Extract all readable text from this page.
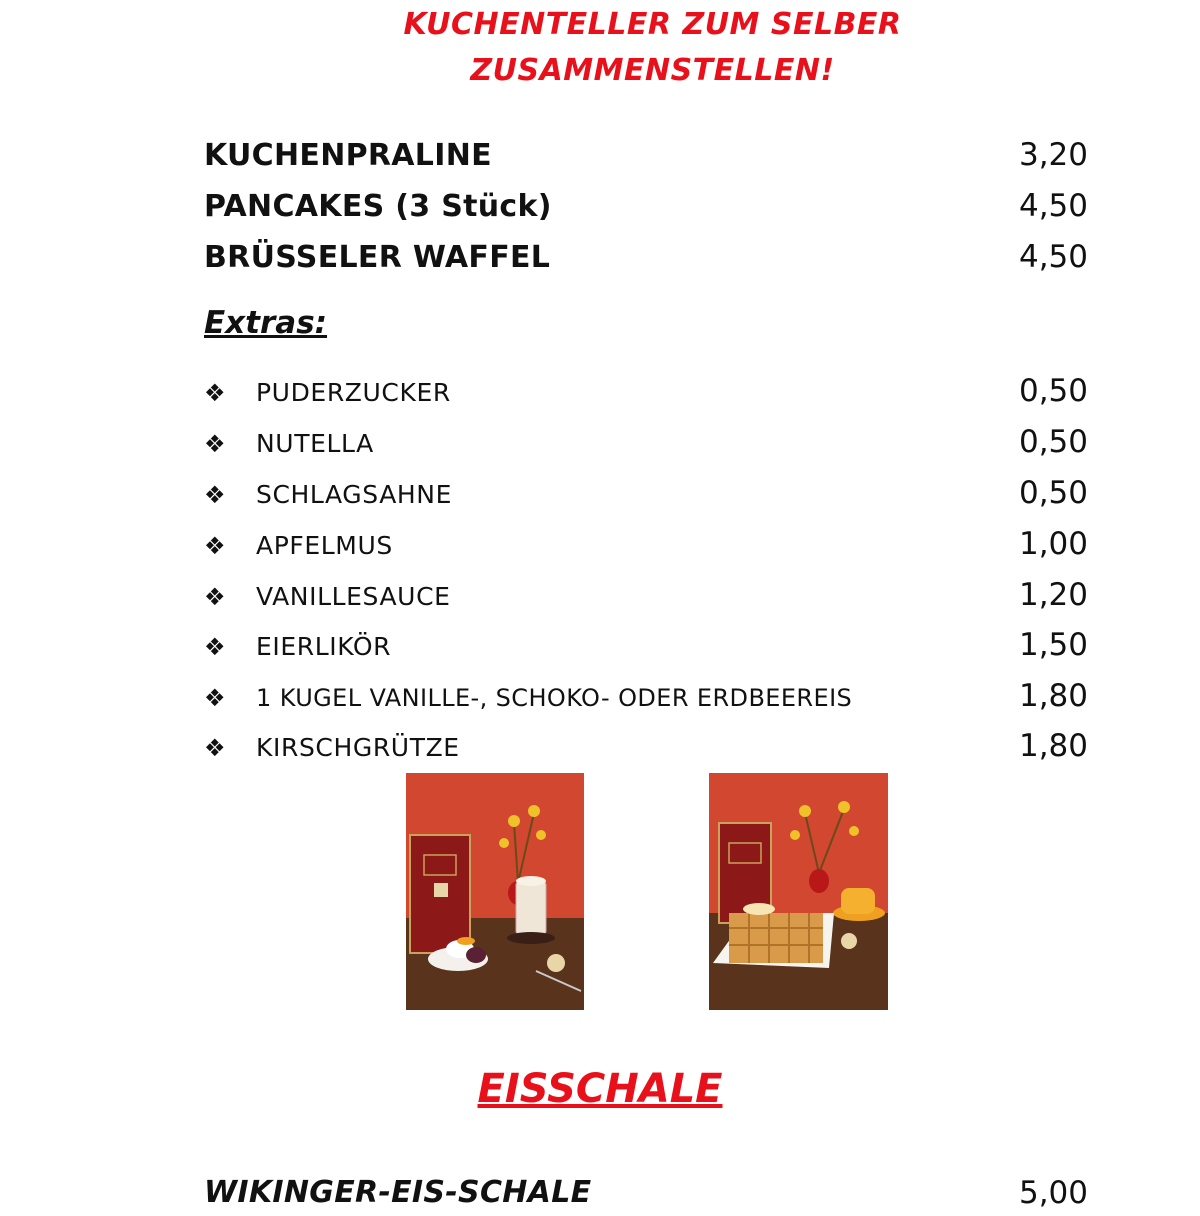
KUCHENTELLER ZUM SELBER
ZUSAMMENSTELLEN!
KUCHENPRALINE	3,20
PANCAKES (3 Stück)	4,50
BRÜSSELER WAFFEL	4,50
Extras:
❖	PUDERZUCKER	0,50
❖	NUTELLA	0,50
❖	SCHLAGSAHNE	0,50
❖	APFELMUS	1,00
❖	VANILLESAUCE	1,20
❖	EIERLIKÖR	1,50
❖	1 KUGEL VANILLE-, SCHOKO- ODER ERDBEEREIS	1,80
❖	KIRSCHGRÜTZE	1,80
EISSCHALE
WIKINGER-EIS-SCHALE	5,00
